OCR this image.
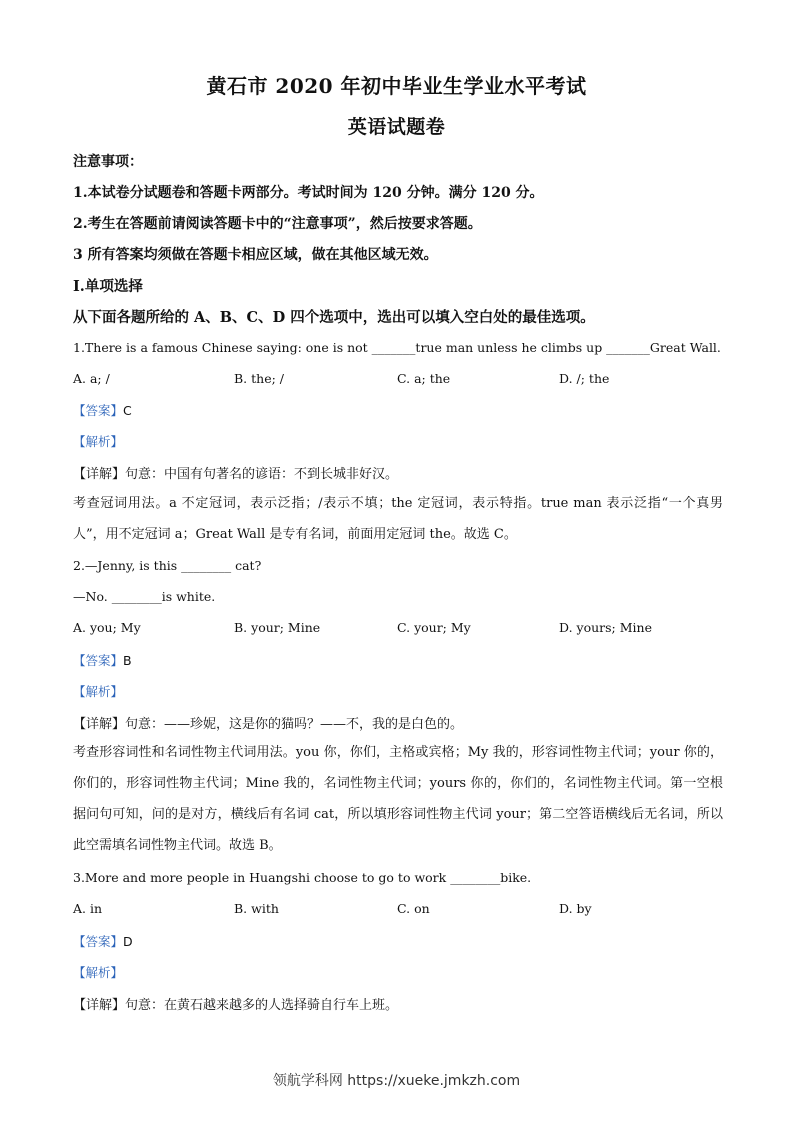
黄石市 2020 年初中毕业生学业水平考试
英语试题卷
注意事项：
1.本试卷分试题卷和答题卡两部分。考试时间为 120 分钟。满分 120 分。
2.考生在答题前请阅读答题卡中的“注意事项”，然后按要求答题。
3 所有答案均须做在答题卡相应区域，做在其他区域无效。
I.单项选择
从下面各题所给的 A、B、C、D 四个选项中，选出可以填入空白处的最佳选项。
1.There is a famous Chinese saying: one is not _______true man unless he climbs up _______Great Wall.
A. a; /	B. the; /	C. a; the	D. /; the
【答案】C
【解析】
【详解】句意：中国有句著名的谚语：不到长城非好汉。
考查冠词用法。a 不定冠词，表示泛指；/表示不填；the 定冠词，表示特指。true man 表示泛指“一个真男人”，用不定冠词 a；Great Wall 是专有名词，前面用定冠词 the。故选 C。
2.—Jenny, is this ________ cat?
—No. ________is white.
A. you; My	B. your; Mine	C. your; My	D. yours; Mine
【答案】B
【解析】
【详解】句意：——珍妮，这是你的猫吗？——不，我的是白色的。
考查形容词性和名词性物主代词用法。you 你，你们，主格或宾格；My 我的，形容词性物主代词；your 你的，你们的，形容词性物主代词；Mine 我的，名词性物主代词；yours 你的，你们的，名词性物主代词。第一空根据问句可知，问的是对方，横线后有名词 cat，所以填形容词性物主代词 your；第二空答语横线后无名词，所以此空需填名词性物主代词。故选 B。
3.More and more people in Huangshi choose to go to work ________bike.
A. in	B. with	C. on	D. by
【答案】D
【解析】
【详解】句意：在黄石越来越多的人选择骑自行车上班。
领航学科网 https://xueke.jmkzh.com
